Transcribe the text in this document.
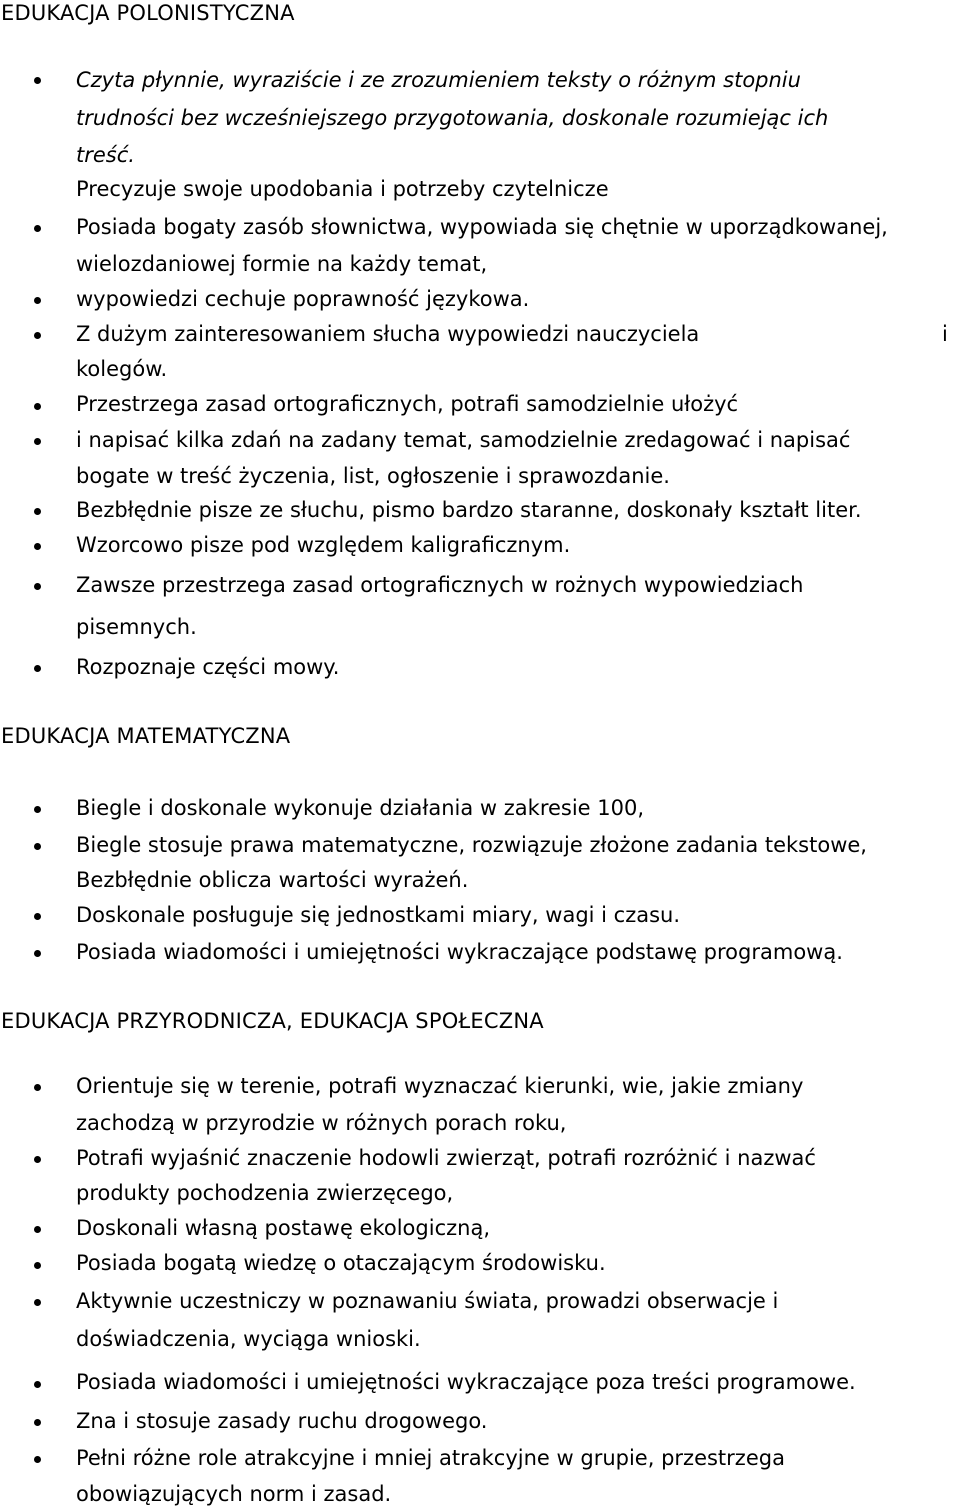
EDUKACJA POLONISTYCZNA

Czyta płynnie, wyraziście i ze zrozumieniem teksty o różnym stopniu

trudności bez wcześniejszego przygotowania, doskonale rozumiejąc ich

treść.

Precyzuje swoje upodobania i potrzeby czytelnicze

Posiada bogaty zasób słownictwa, wypowiada się chętnie w uporządkowanej,

wielozdaniowej formie na każdy temat,

wypowiedzi cechuje poprawność językowa.

Z dużym zainteresowaniem słucha wypowiedzi nauczyciela	i

kolegów.

Przestrzega zasad ortograficznych, potrafi samodzielnie ułożyć

i napisać kilka zdań na zadany temat, samodzielnie zredagować i napisać

bogate w treść życzenia, list, ogłoszenie i sprawozdanie.

Bezbłędnie pisze ze słuchu, pismo bardzo staranne, doskonały kształt liter.

Wzorcowo pisze pod względem kaligraficznym.

Zawsze przestrzega zasad ortograficznych w rożnych wypowiedziach

pisemnych.

Rozpoznaje części mowy.

EDUKACJA MATEMATYCZNA

Biegle i doskonale wykonuje działania w zakresie 100,

Biegle stosuje prawa matematyczne, rozwiązuje złożone zadania tekstowe,

Bezbłędnie oblicza wartości wyrażeń.

Doskonale posługuje się jednostkami miary, wagi i czasu.

Posiada wiadomości i umiejętności wykraczające podstawę programową.

EDUKACJA PRZYRODNICZA, EDUKACJA SPOŁECZNA

Orientuje się w terenie, potrafi wyznaczać kierunki, wie, jakie zmiany

zachodzą w przyrodzie w różnych porach roku,

Potrafi wyjaśnić znaczenie hodowli zwierząt, potrafi rozróżnić i nazwać

produkty pochodzenia zwierzęcego,

Doskonali własną postawę ekologiczną,

Posiada bogatą wiedzę o otaczającym środowisku.

Aktywnie uczestniczy w poznawaniu świata, prowadzi obserwacje i

doświadczenia, wyciąga wnioski.

Posiada wiadomości i umiejętności wykraczające poza treści programowe.

Zna i stosuje zasady ruchu drogowego.

Pełni różne role atrakcyjne i mniej atrakcyjne w grupie, przestrzega

obowiązujących norm i zasad.
